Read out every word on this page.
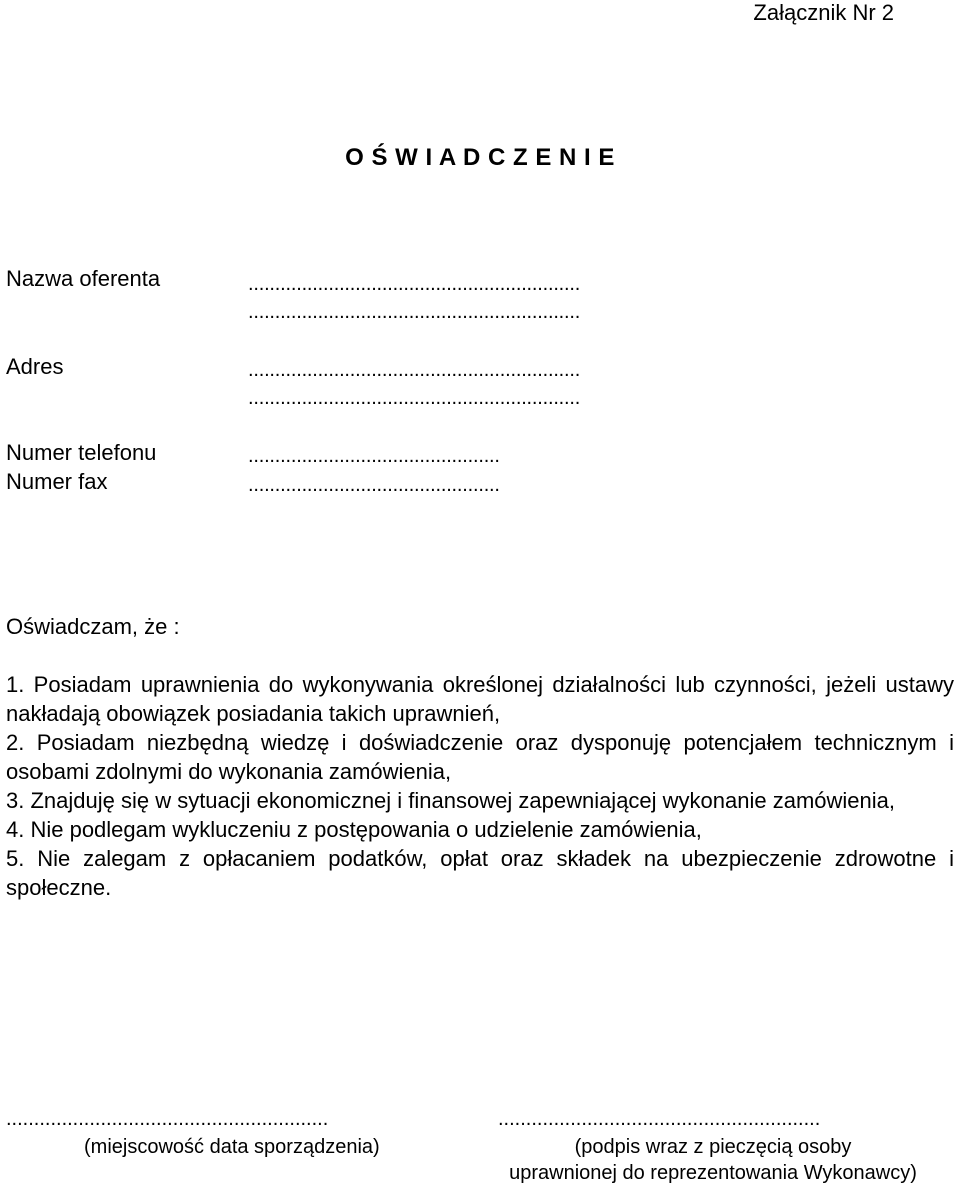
Załącznik Nr 2
O Ś W I A D C Z E N I E
Nazwa oferenta	..............................................................
..............................................................
Adres	..............................................................
..............................................................
Numer telefonu	...............................................
Numer fax	...............................................
Oświadczam, że :

1. Posiadam uprawnienia do wykonywania określonej działalności lub czynności, jeżeli ustawy nakładają obowiązek posiadania takich uprawnień,

2. Posiadam niezbędną wiedzę i doświadczenie oraz dysponuję potencjałem technicznym i osobami zdolnymi do wykonania zamówienia,

3. Znajduję się w sytuacji ekonomicznej i finansowej zapewniającej wykonanie zamówienia,

4. Nie podlegam wykluczeniu z postępowania o udzielenie zamówienia,

5. Nie zalegam z opłacaniem podatków, opłat oraz składek na ubezpieczenie zdrowotne i społeczne.

..........................................................
(miejscowość data sporządzenia)
..........................................................
(podpis wraz z pieczęcią osoby
uprawnionej do reprezentowania Wykonawcy)
